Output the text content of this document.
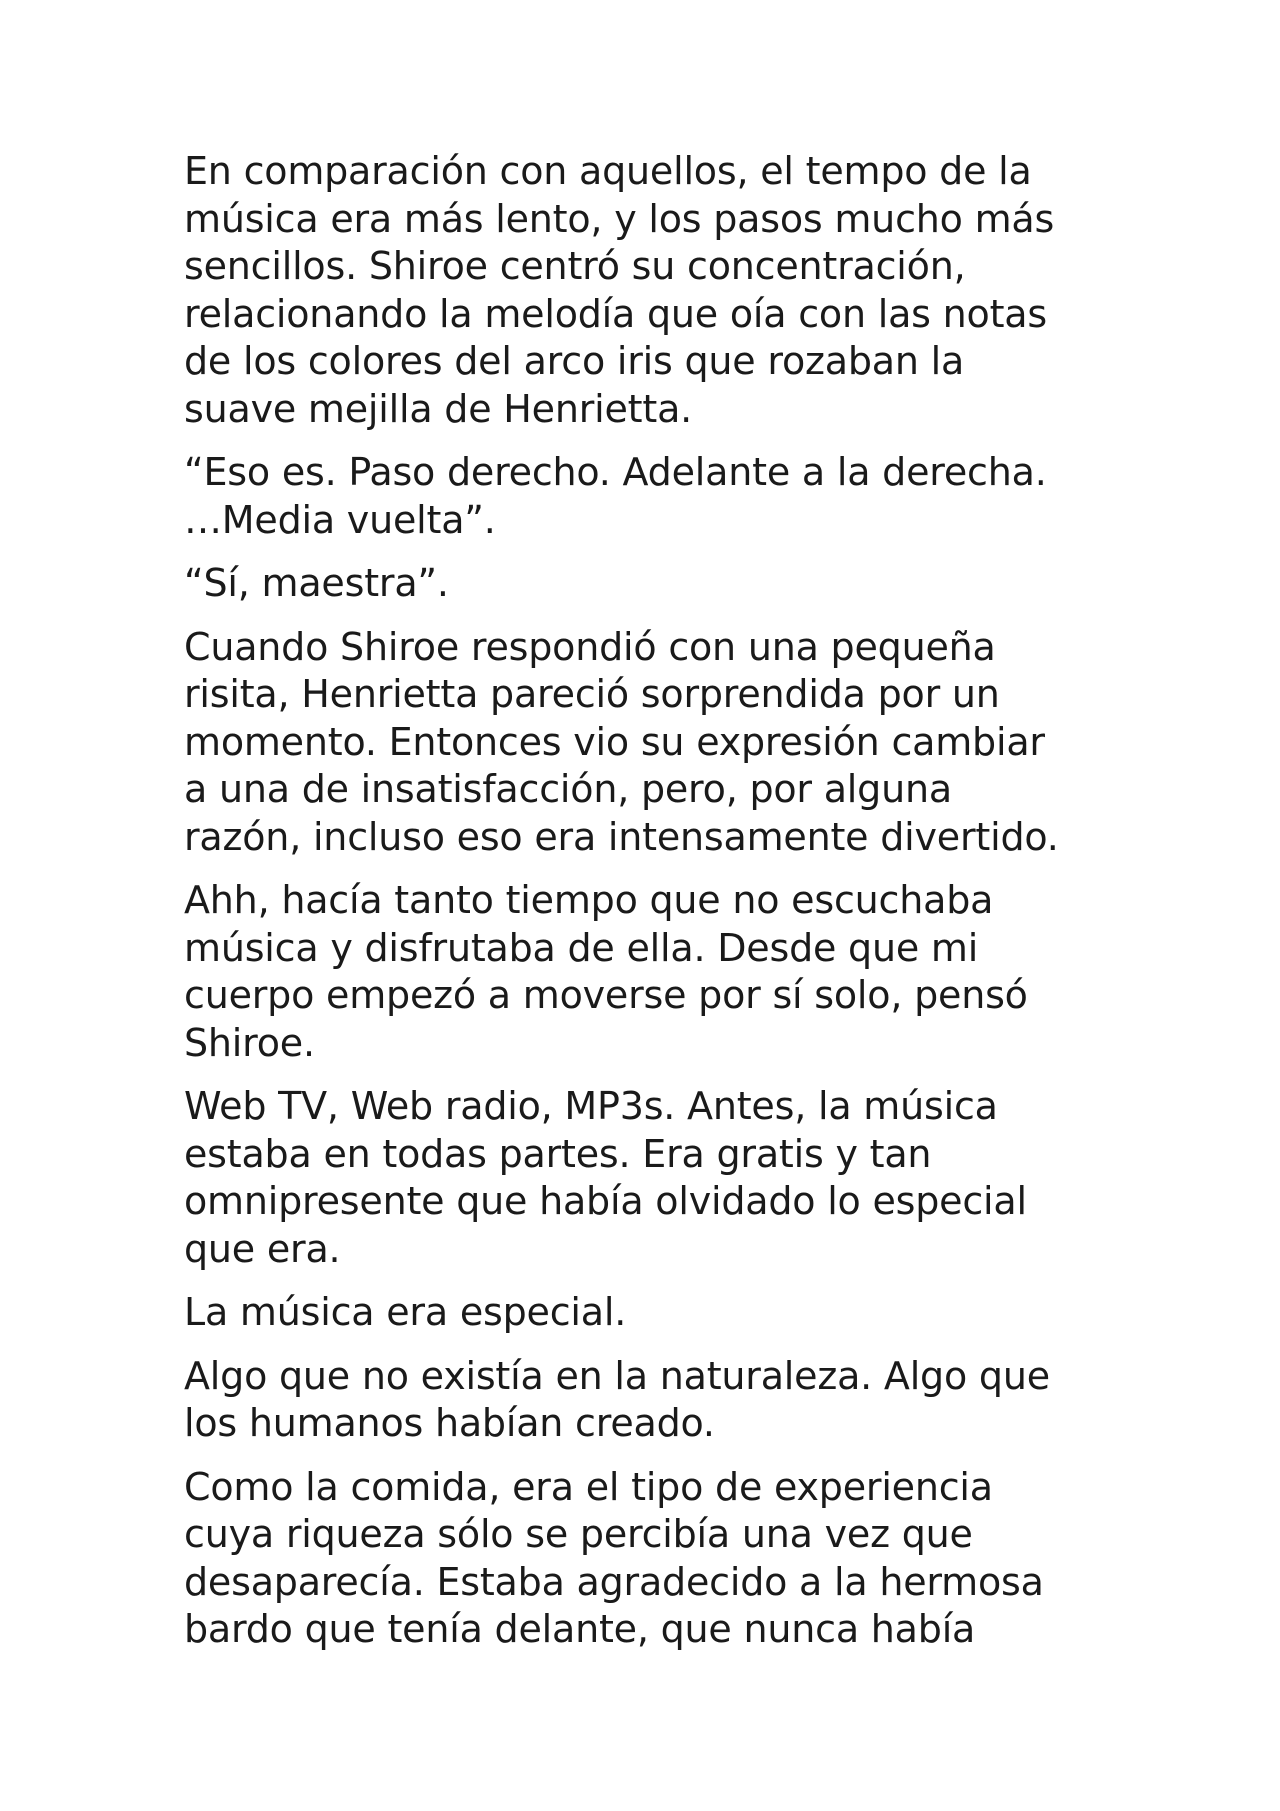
En comparación con aquellos, el tempo de la
música era más lento, y los pasos mucho más
sencillos. Shiroe centró su concentración,
relacionando la melodía que oía con las notas
de los colores del arco iris que rozaban la
suave mejilla de Henrietta.

“Eso es. Paso derecho. Adelante a la derecha.
…Media vuelta”.

“Sí, maestra”.

Cuando Shiroe respondió con una pequeña
risita, Henrietta pareció sorprendida por un
momento. Entonces vio su expresión cambiar
a una de insatisfacción, pero, por alguna
razón, incluso eso era intensamente divertido.

Ahh, hacía tanto tiempo que no escuchaba
música y disfrutaba de ella. Desde que mi
cuerpo empezó a moverse por sí solo, pensó
Shiroe.

Web TV, Web radio, MP3s. Antes, la música
estaba en todas partes. Era gratis y tan
omnipresente que había olvidado lo especial
que era.

La música era especial.

Algo que no existía en la naturaleza. Algo que
los humanos habían creado.

Como la comida, era el tipo de experiencia
cuya riqueza sólo se percibía una vez que
desaparecía. Estaba agradecido a la hermosa
bardo que tenía delante, que nunca había
